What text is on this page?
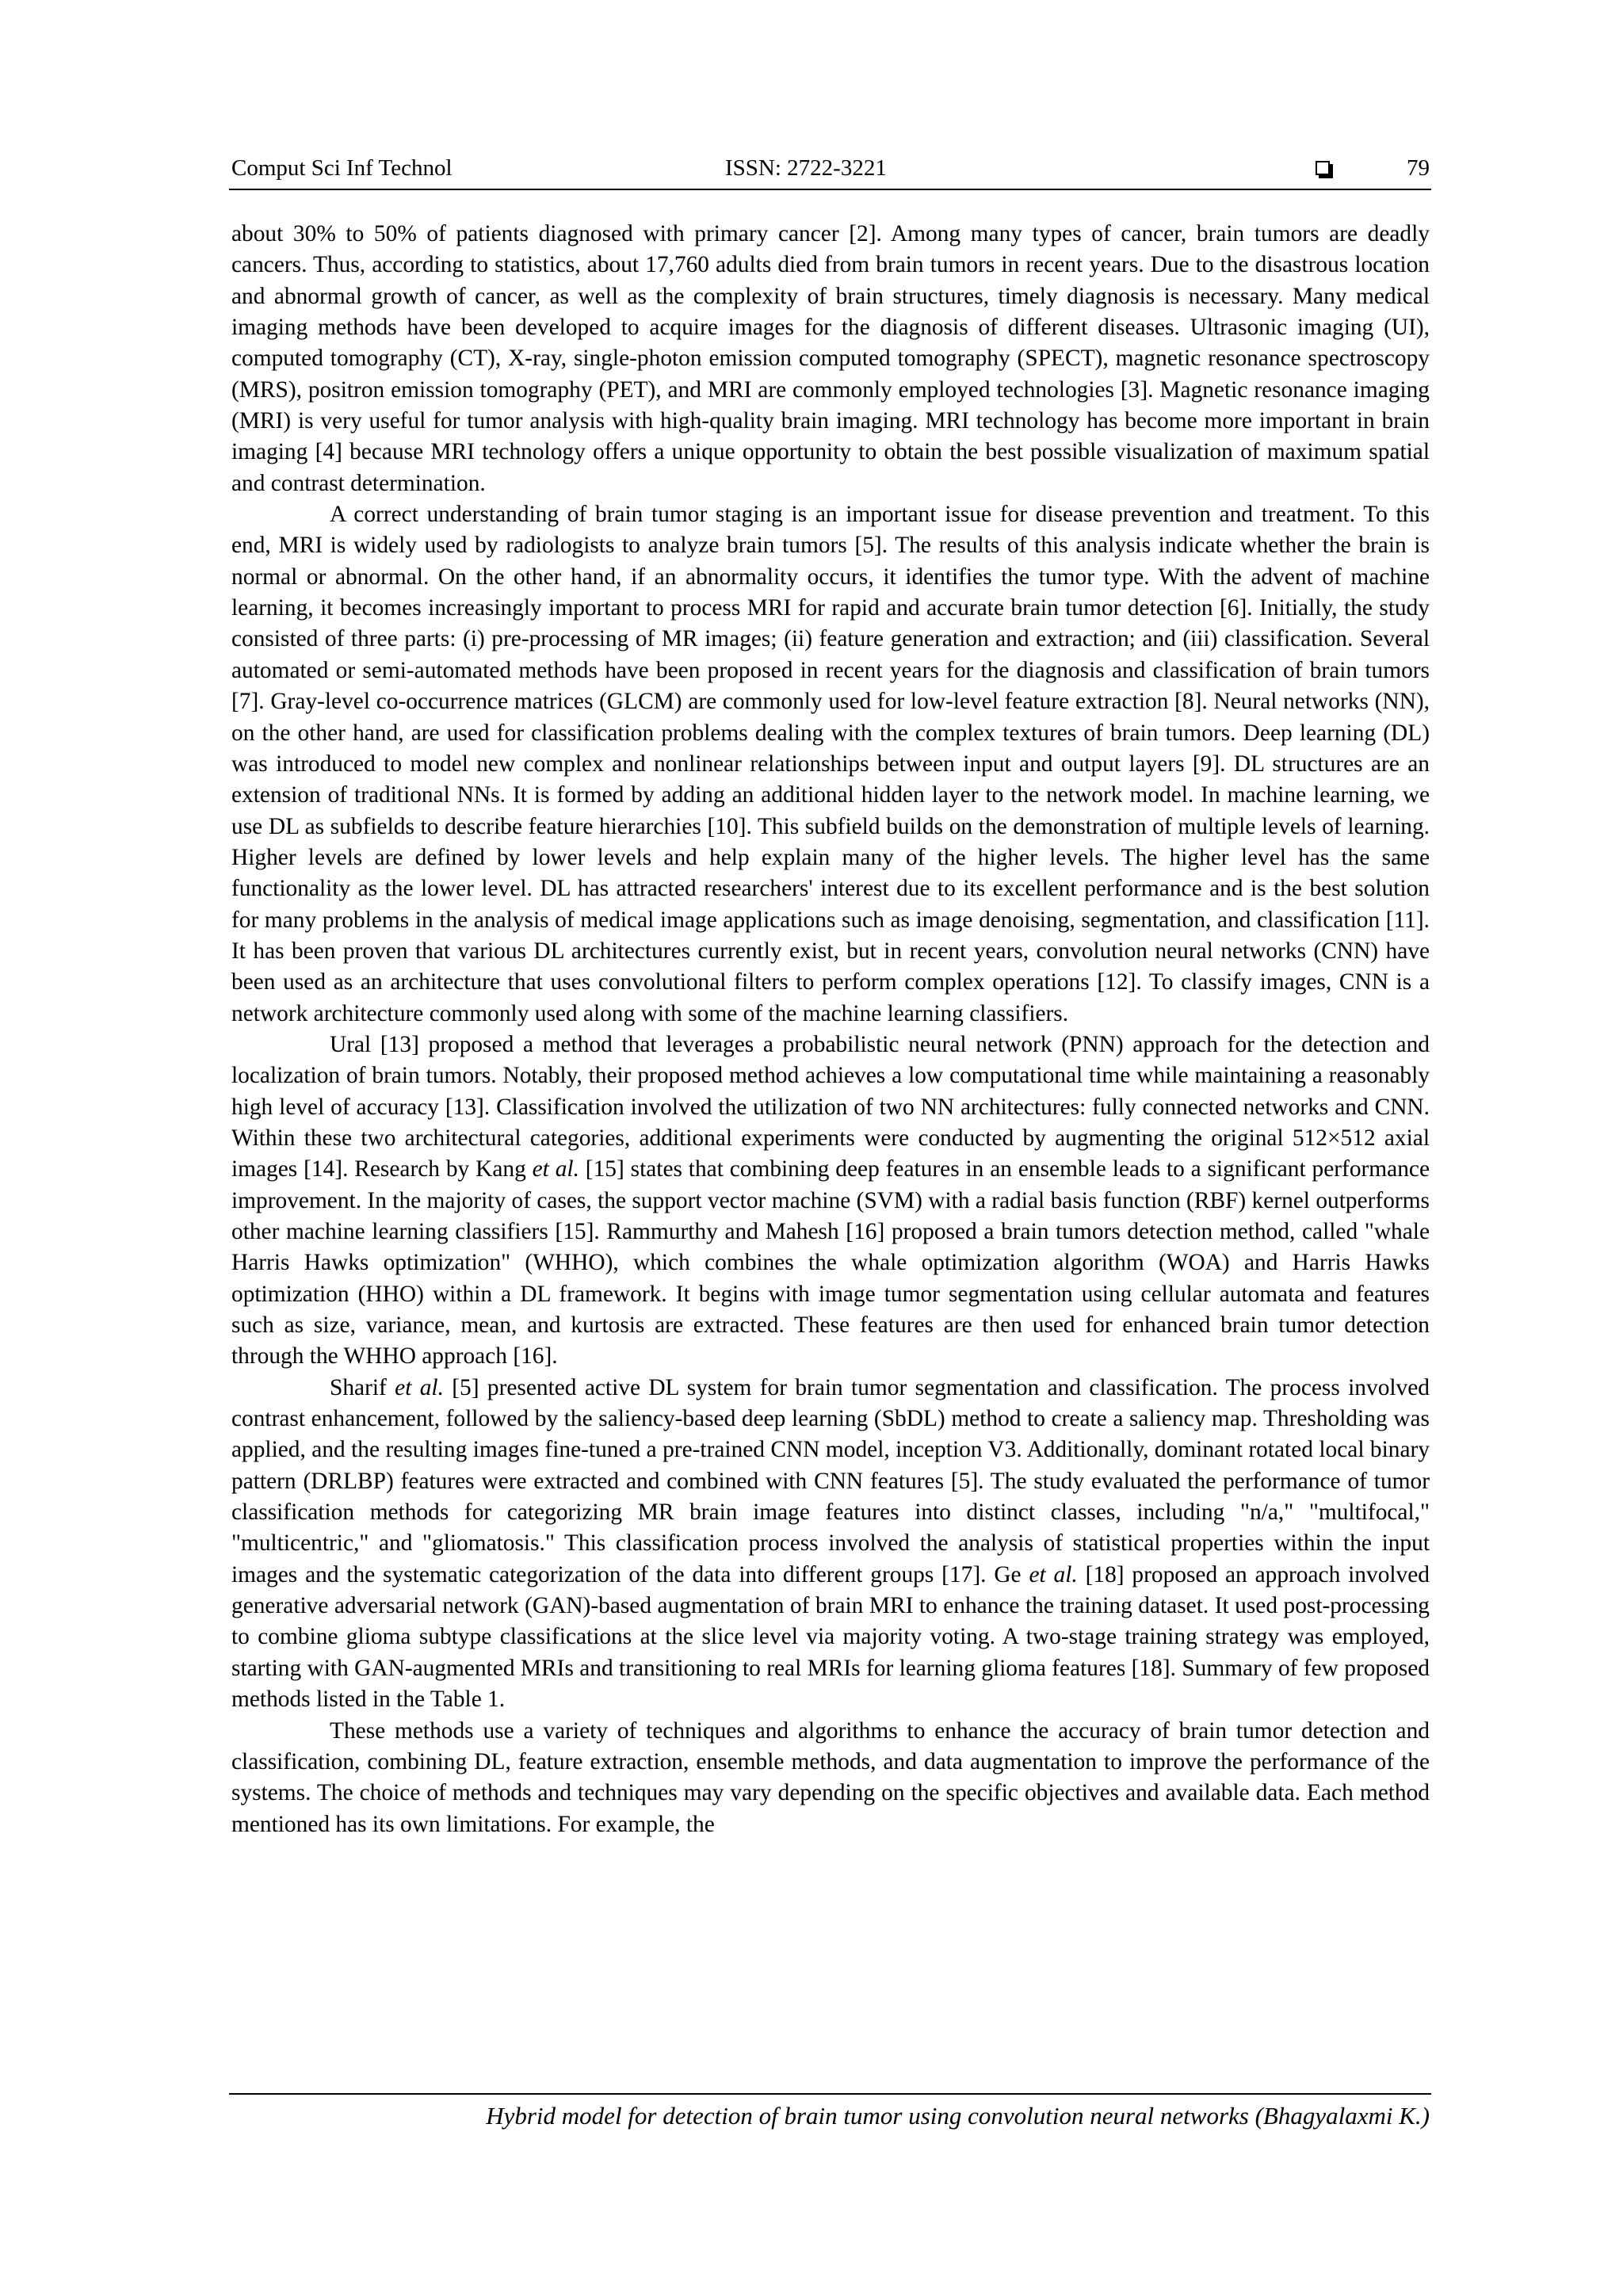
Comput Sci Inf Technol	ISSN: 2722-3221	79

about 30% to 50% of patients diagnosed with primary cancer [2]. Among many types of cancer, brain tumors are deadly cancers. Thus, according to statistics, about 17,760 adults died from brain tumors in recent years. Due to the disastrous location and abnormal growth of cancer, as well as the complexity of brain structures, timely diagnosis is necessary. Many medical imaging methods have been developed to acquire images for the diagnosis of different diseases. Ultrasonic imaging (UI), computed tomography (CT), X-ray, single-photon emission computed tomography (SPECT), magnetic resonance spectroscopy (MRS), positron emission tomography (PET), and MRI are commonly employed technologies [3]. Magnetic resonance imaging (MRI) is very useful for tumor analysis with high-quality brain imaging. MRI technology has become more important in brain imaging [4] because MRI technology offers a unique opportunity to obtain the best possible visualization of maximum spatial and contrast determination.

A correct understanding of brain tumor staging is an important issue for disease prevention and treatment. To this end, MRI is widely used by radiologists to analyze brain tumors [5]. The results of this analysis indicate whether the brain is normal or abnormal. On the other hand, if an abnormality occurs, it identifies the tumor type. With the advent of machine learning, it becomes increasingly important to process MRI for rapid and accurate brain tumor detection [6]. Initially, the study consisted of three parts: (i) pre-processing of MR images; (ii) feature generation and extraction; and (iii) classification. Several automated or semi-automated methods have been proposed in recent years for the diagnosis and classification of brain tumors [7]. Gray-level co-occurrence matrices (GLCM) are commonly used for low-level feature extraction [8]. Neural networks (NN), on the other hand, are used for classification problems dealing with the complex textures of brain tumors. Deep learning (DL) was introduced to model new complex and nonlinear relationships between input and output layers [9]. DL structures are an extension of traditional NNs. It is formed by adding an additional hidden layer to the network model. In machine learning, we use DL as subfields to describe feature hierarchies [10]. This subfield builds on the demonstration of multiple levels of learning. Higher levels are defined by lower levels and help explain many of the higher levels. The higher level has the same functionality as the lower level. DL has attracted researchers' interest due to its excellent performance and is the best solution for many problems in the analysis of medical image applications such as image denoising, segmentation, and classification [11]. It has been proven that various DL architectures currently exist, but in recent years, convolution neural networks (CNN) have been used as an architecture that uses convolutional filters to perform complex operations [12]. To classify images, CNN is a network architecture commonly used along with some of the machine learning classifiers.

Ural [13] proposed a method that leverages a probabilistic neural network (PNN) approach for the detection and localization of brain tumors. Notably, their proposed method achieves a low computational time while maintaining a reasonably high level of accuracy [13]. Classification involved the utilization of two NN architectures: fully connected networks and CNN. Within these two architectural categories, additional experiments were conducted by augmenting the original 512×512 axial images [14]. Research by Kang et al. [15] states that combining deep features in an ensemble leads to a significant performance improvement. In the majority of cases, the support vector machine (SVM) with a radial basis function (RBF) kernel outperforms other machine learning classifiers [15]. Rammurthy and Mahesh [16] proposed a brain tumors detection method, called "whale Harris Hawks optimization" (WHHO), which combines the whale optimization algorithm (WOA) and Harris Hawks optimization (HHO) within a DL framework. It begins with image tumor segmentation using cellular automata and features such as size, variance, mean, and kurtosis are extracted. These features are then used for enhanced brain tumor detection through the WHHO approach [16].

Sharif et al. [5] presented active DL system for brain tumor segmentation and classification. The process involved contrast enhancement, followed by the saliency-based deep learning (SbDL) method to create a saliency map. Thresholding was applied, and the resulting images fine-tuned a pre-trained CNN model, inception V3. Additionally, dominant rotated local binary pattern (DRLBP) features were extracted and combined with CNN features [5]. The study evaluated the performance of tumor classification methods for categorizing MR brain image features into distinct classes, including "n/a," "multifocal," "multicentric," and "gliomatosis." This classification process involved the analysis of statistical properties within the input images and the systematic categorization of the data into different groups [17]. Ge et al. [18] proposed an approach involved generative adversarial network (GAN)-based augmentation of brain MRI to enhance the training dataset. It used post-processing to combine glioma subtype classifications at the slice level via majority voting. A two-stage training strategy was employed, starting with GAN-augmented MRIs and transitioning to real MRIs for learning glioma features [18]. Summary of few proposed methods listed in the Table 1.

These methods use a variety of techniques and algorithms to enhance the accuracy of brain tumor detection and classification, combining DL, feature extraction, ensemble methods, and data augmentation to improve the performance of the systems. The choice of methods and techniques may vary depending on the specific objectives and available data. Each method mentioned has its own limitations. For example, the

Hybrid model for detection of brain tumor using convolution neural networks (Bhagyalaxmi K.)
